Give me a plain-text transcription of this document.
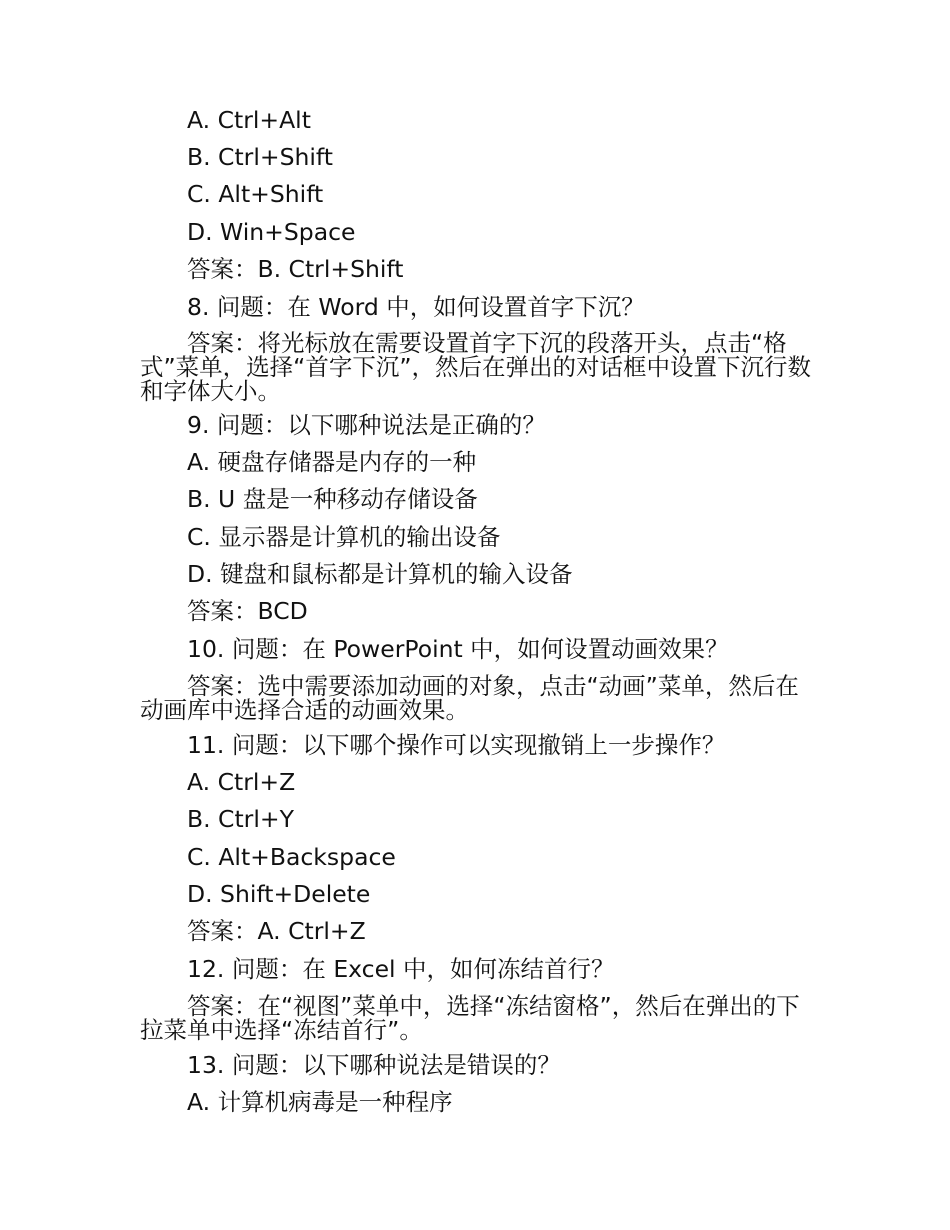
A. Ctrl+Alt
B. Ctrl+Shift
C. Alt+Shift
D. Win+Space
答案：B. Ctrl+Shift
8. 问题：在 Word 中，如何设置首字下沉？
答案：将光标放在需要设置首字下沉的段落开头，点击“格式”菜单，选择“首字下沉”，然后在弹出的对话框中设置下沉行数和字体大小。
9. 问题：以下哪种说法是正确的？
A. 硬盘存储器是内存的一种
B. U 盘是一种移动存储设备
C. 显示器是计算机的输出设备
D. 键盘和鼠标都是计算机的输入设备
答案：BCD
10. 问题：在 PowerPoint 中，如何设置动画效果？
答案：选中需要添加动画的对象，点击“动画”菜单，然后在动画库中选择合适的动画效果。
11. 问题：以下哪个操作可以实现撤销上一步操作？
A. Ctrl+Z
B. Ctrl+Y
C. Alt+Backspace
D. Shift+Delete
答案：A. Ctrl+Z
12. 问题：在 Excel 中，如何冻结首行？
答案：在“视图”菜单中，选择“冻结窗格”，然后在弹出的下拉菜单中选择“冻结首行”。
13. 问题：以下哪种说法是错误的？
A. 计算机病毒是一种程序
